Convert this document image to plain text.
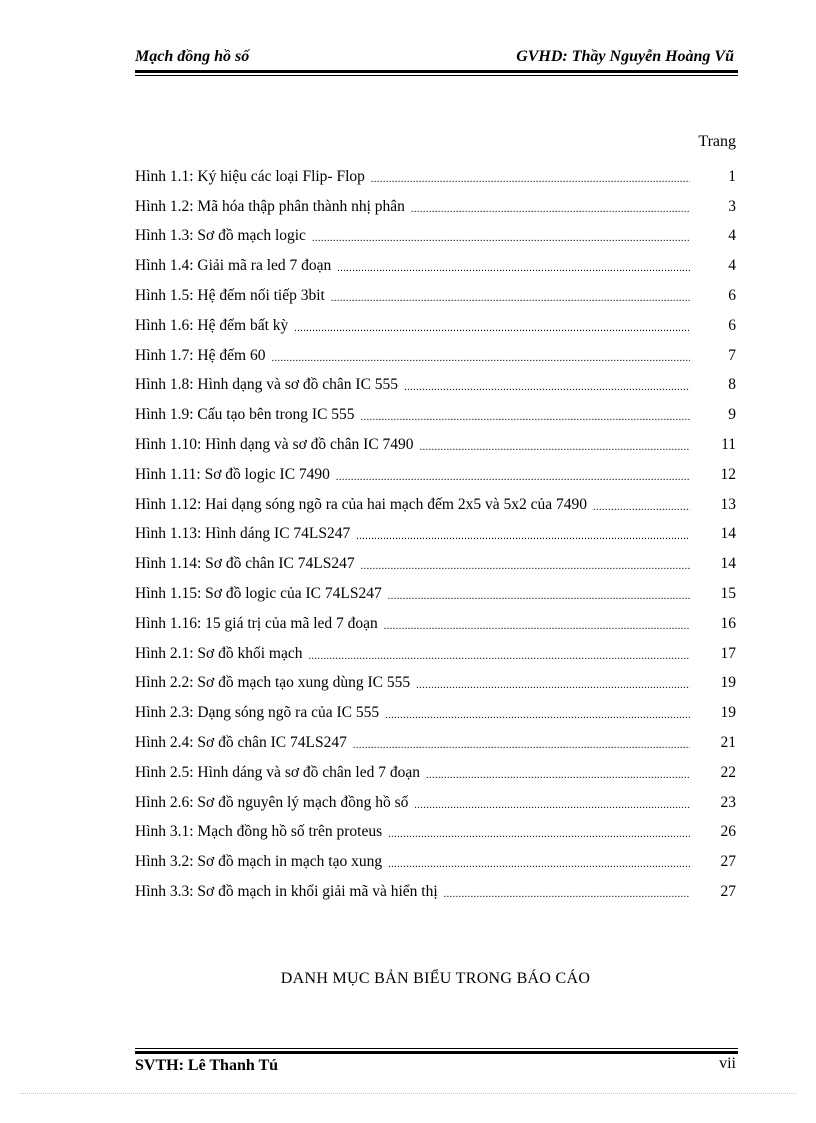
Mạch đồng hồ số	GVHD: Thầy Nguyễn Hoàng Vũ
Trang
Hình 1.1: Ký hiệu các loại Flip- Flop .....	1
Hình 1.2: Mã hóa thập phân thành nhị phân .....	3
Hình 1.3: Sơ đồ mạch logic .....	4
Hình 1.4: Giải mã ra led 7 đoạn .....	4
Hình 1.5: Hệ đếm nối tiếp 3bit .....	6
Hình 1.6: Hệ đếm bất kỳ .....	6
Hình 1.7: Hệ đếm 60 .....	7
Hình 1.8: Hình dạng và sơ đồ chân IC 555 .....	8
Hình 1.9: Cấu tạo bên trong IC 555 .....	9
Hình 1.10: Hình dạng và sơ đồ chân IC 7490 .....	11
Hình 1.11: Sơ đồ logic IC 7490 .....	12
Hình 1.12: Hai dạng sóng ngõ ra của hai mạch đếm 2x5 và 5x2 của 7490 .....	13
Hình 1.13: Hình dáng IC 74LS247 .....	14
Hình 1.14: Sơ đồ chân IC 74LS247 .....	14
Hình 1.15: Sơ đồ logic của IC 74LS247 .....	15
Hình 1.16: 15 giá trị của mã led 7 đoạn .....	16
Hình 2.1: Sơ đồ khối mạch .....	17
Hình 2.2: Sơ đồ mạch tạo xung dùng IC 555 .....	19
Hình 2.3: Dạng sóng ngõ ra của IC 555 .....	19
Hình 2.4: Sơ đồ chân IC 74LS247 .....	21
Hình 2.5: Hình dáng và sơ đồ chân led 7 đoạn .....	22
Hình 2.6: Sơ đồ nguyên lý mạch đồng hồ số .....	23
Hình 3.1: Mạch đồng hồ số trên proteus .....	26
Hình 3.2: Sơ đồ mạch in mạch tạo xung .....	27
Hình 3.3: Sơ đồ mạch in khối giải mã và hiển thị .....	27
DANH MỤC BẢN BIỂU TRONG BÁO CÁO
SVTH: Lê Thanh Tú	vii
